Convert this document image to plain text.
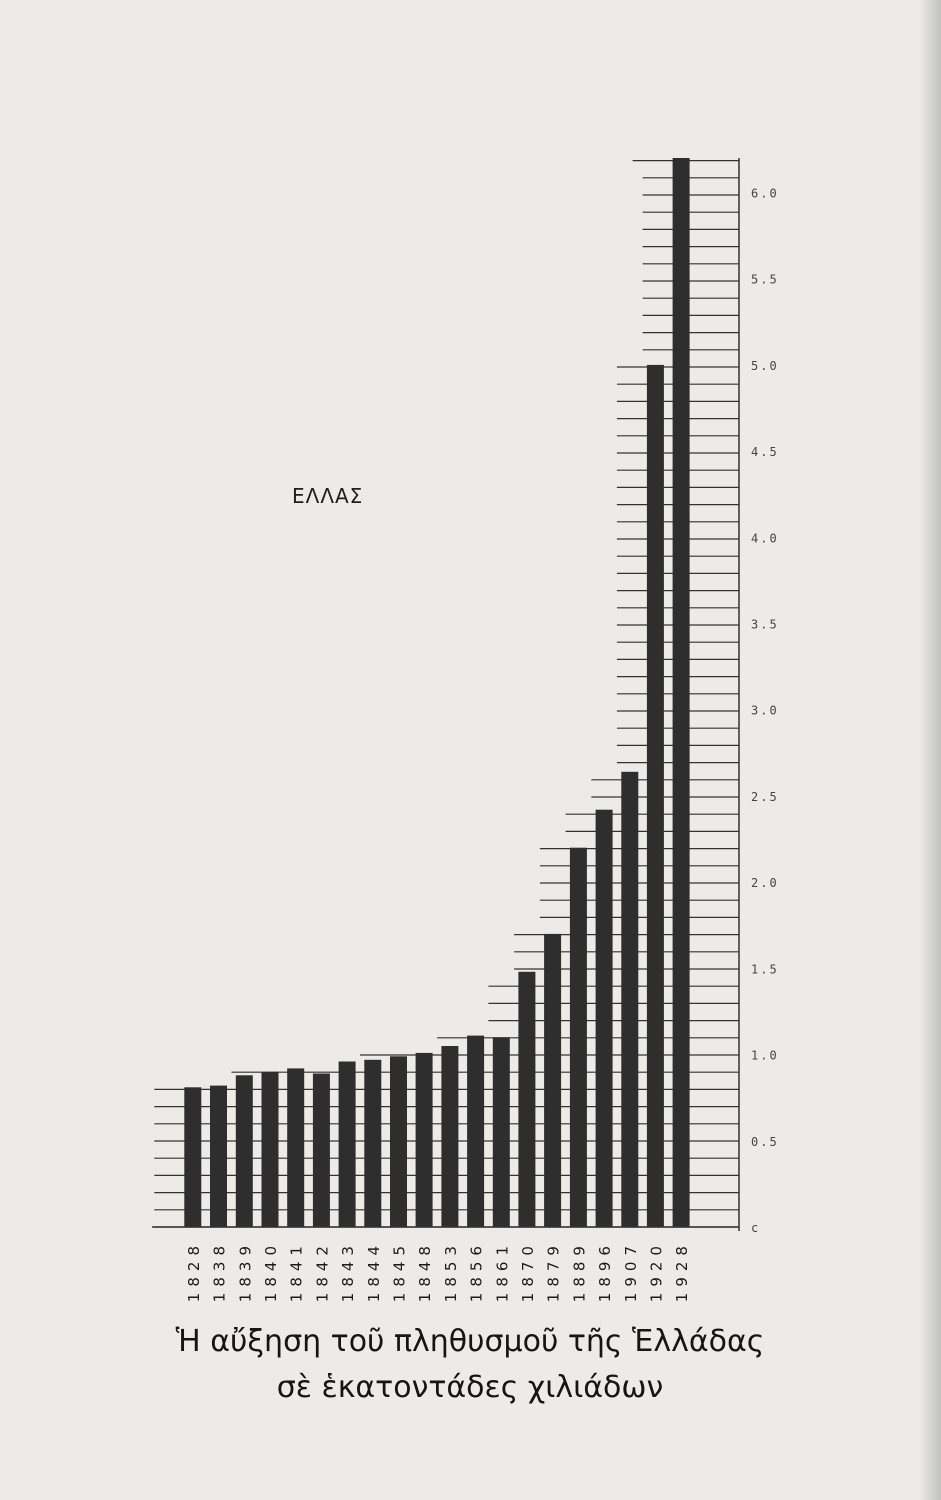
c
0.5
1.0
1.5
2.0
2.5
3.0
3.5
4.0
4.5
5.0
5.5
6.0
1828 1838 1839 1840 1841 1842 1843 1844 1845 1848 1853 1856 1861 1870 1879 1889 1896 1907 1920 1928
ΕΛΛΑΣ
Ἡ αὔξηση τοῦ πληθυσμοῦ τῆς Ἑλλάδας
σὲ ἑκατοντάδες χιλιάδων
